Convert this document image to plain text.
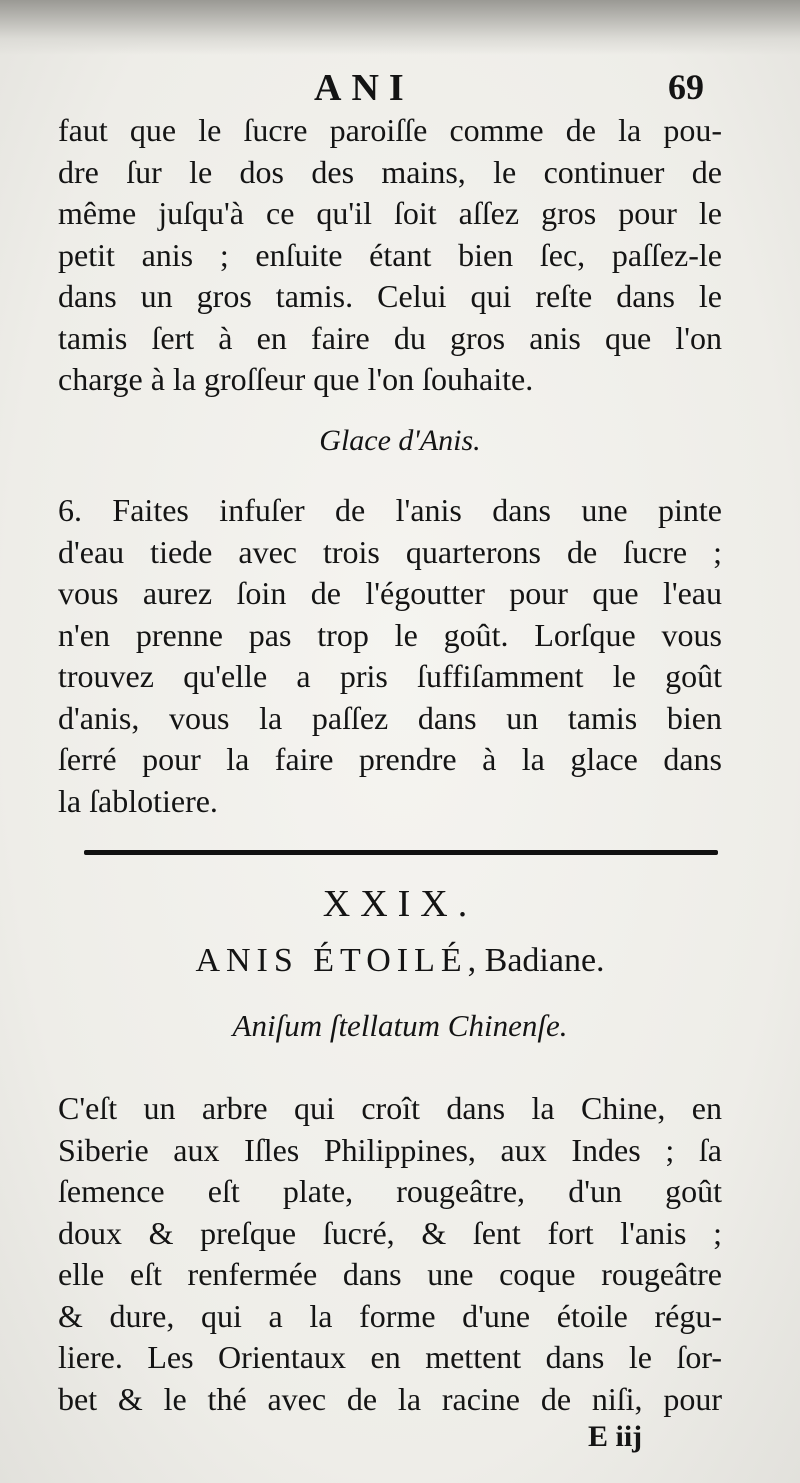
ANI	69
faut que le ſucre paroiſſe comme de la pou-
dre ſur le dos des mains, le continuer de
même juſqu'à ce qu'il ſoit aſſez gros pour le
petit anis ; enſuite étant bien ſec, paſſez-le
dans un gros tamis. Celui qui reſte dans le
tamis ſert à en faire du gros anis que l'on
charge à la groſſeur que l'on ſouhaite.
Glace d'Anis.
6. Faites infuſer de l'anis dans une pinte
d'eau tiede avec trois quarterons de ſucre ;
vous aurez ſoin de l'égoutter pour que l'eau
n'en prenne pas trop le goût. Lorſque vous
trouvez qu'elle a pris ſuffiſamment le goût
d'anis, vous la paſſez dans un tamis bien
ſerré pour la faire prendre à la glace dans
la ſablotiere.
XXIX.
ANIS ÉTOILÉ, Badiane.
Aniſum ſtellatum Chinenſe.
C'eſt un arbre qui croît dans la Chine, en
Siberie aux Iſles Philippines, aux Indes ; ſa
ſemence eſt plate, rougeâtre, d'un goût
doux & preſque ſucré, & ſent fort l'anis ;
elle eſt renfermée dans une coque rougeâtre
& dure, qui a la forme d'une étoile régu-
liere. Les Orientaux en mettent dans le ſor-
bet & le thé avec de la racine de niſi, pour
E iij
